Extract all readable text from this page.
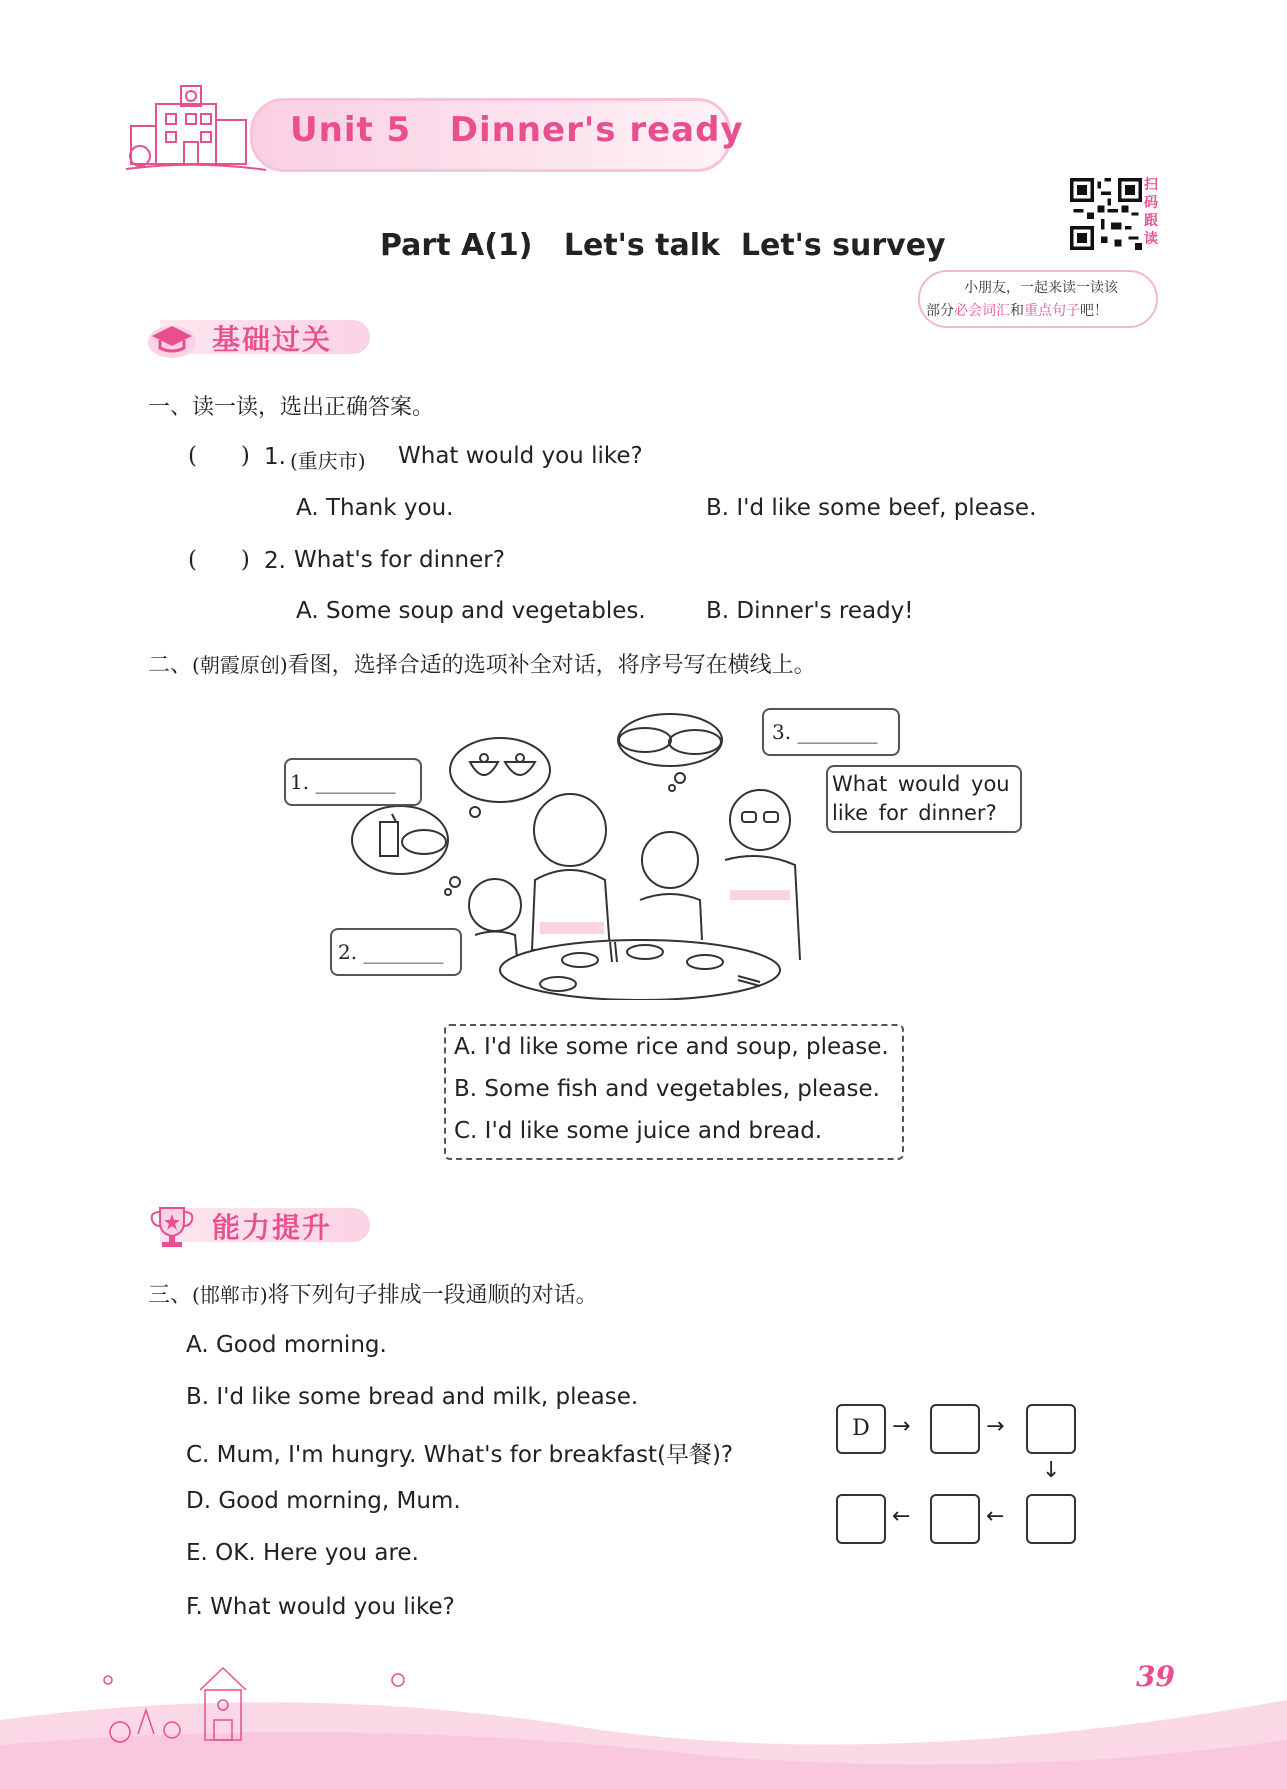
Unit 5   Dinner's ready
Part A(1)   Let's talk  Let's survey
扫码跟读
小朋友，一起来读一读该
部分必会词汇和重点句子吧！
基础过关
一、读一读，选出正确答案。
(      ) 1. (重庆市) What would you like?
A. Thank you.	B. I'd like some beef, please.
(      ) 2. What's for dinner?
A. Some soup and vegetables.	B. Dinner's ready!
二、(朝霞原创)看图，选择合适的选项补全对话，将序号写在横线上。
1. ________
2. ________
3. ________
What would you like for dinner?
A. I'd like some rice and soup, please.
B. Some fish and vegetables, please.
C. I'd like some juice and bread.
能力提升
三、(邯郸市)将下列句子排成一段通顺的对话。
A. Good morning.
B. I'd like some bread and milk, please.
C. Mum, I'm hungry. What's for breakfast(早餐)?
D. Good morning, Mum.
E. OK. Here you are.
F. What would you like?
D	→	→
↓
←
←
39
